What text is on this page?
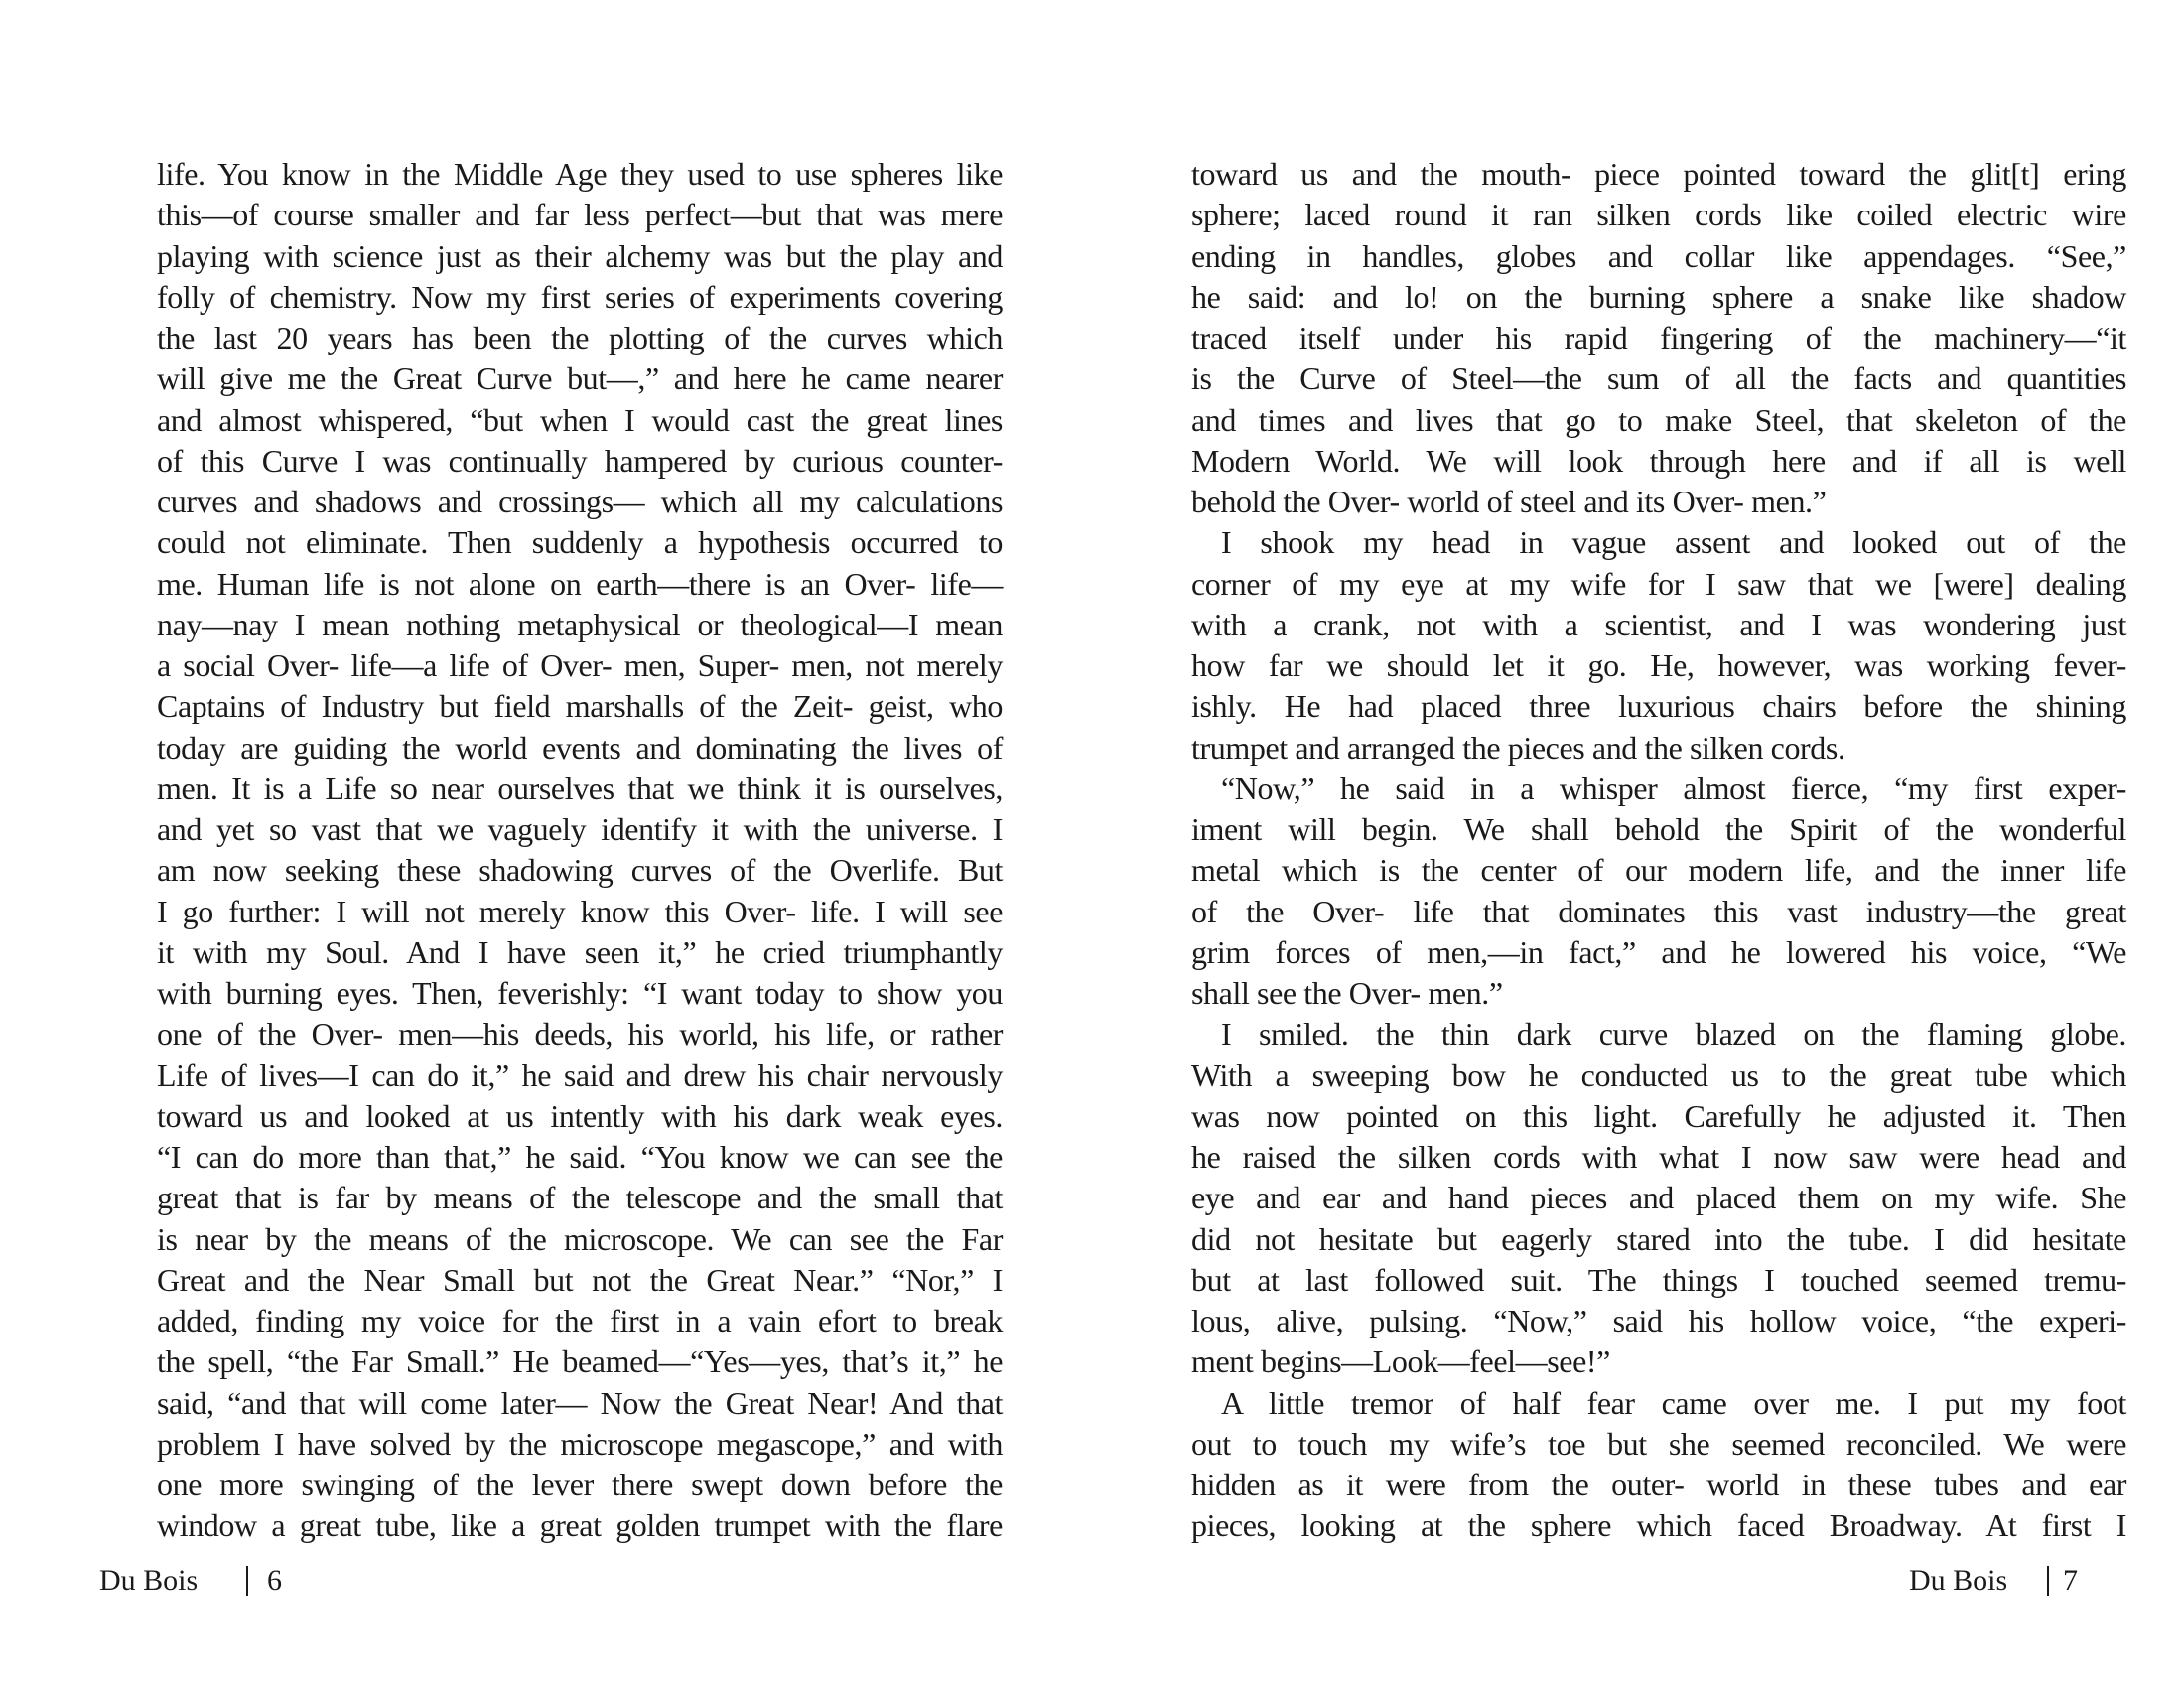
life. You know in the Middle Age they used to use spheres like
this—of course smaller and far less perfect—but that was mere
playing with science just as their alchemy was but the play and
folly of chemistry. Now my first series of experiments covering
the last 20 years has been the plotting of the curves which
will give me the Great Curve but—,” and here he came nearer
and almost whispered, “but when I would cast the great lines
of this Curve I was continually hampered by curious counter-
curves and shadows and crossings— which all my calculations
could not eliminate. Then suddenly a hypothesis occurred to
me. Human life is not alone on earth—there is an Over- life—
nay—nay I mean nothing metaphysical or theological—I mean
a social Over- life—a life of Over- men, Super- men, not merely
Captains of Industry but field marshalls of the Zeit- geist, who
today are guiding the world events and dominating the lives of
men. It is a Life so near ourselves that we think it is ourselves,
and yet so vast that we vaguely identify it with the universe. I
am now seeking these shadowing curves of the Overlife. But
I go further: I will not merely know this Over- life. I will see
it with my Soul. And I have seen it,” he cried triumphantly
with burning eyes. Then, feverishly: “I want today to show you
one of the Over- men—his deeds, his world, his life, or rather
Life of lives—I can do it,” he said and drew his chair nervously
toward us and looked at us intently with his dark weak eyes.
“I can do more than that,” he said. “You know we can see the
great that is far by means of the telescope and the small that
is near by the means of the microscope. We can see the Far
Great and the Near Small but not the Great Near.” “Nor,” I
added, finding my voice for the first in a vain efort to break
the spell, “the Far Small.” He beamed—“Yes—yes, that’s it,” he
said, “and that will come later— Now the Great Near! And that
problem I have solved by the microscope megascope,” and with
one more swinging of the lever there swept down before the
window a great tube, like a great golden trumpet with the flare
Du Bois 6
toward us and the mouth- piece pointed toward the glit[t] ering
sphere; laced round it ran silken cords like coiled electric wire
ending in handles, globes and collar like appendages. “See,”
he said: and lo! on the burning sphere a snake like shadow
traced itself under his rapid fingering of the machinery—“it
is the Curve of Steel—the sum of all the facts and quantities
and times and lives that go to make Steel, that skeleton of the
Modern World. We will look through here and if all is well
behold the Over- world of steel and its Over- men.”
I shook my head in vague assent and looked out of the
corner of my eye at my wife for I saw that we [were] dealing
with a crank, not with a scientist, and I was wondering just
how far we should let it go. He, however, was working fever-
ishly. He had placed three luxurious chairs before the shining
trumpet and arranged the pieces and the silken cords.
“Now,” he said in a whisper almost fierce, “my first exper-
iment will begin. We shall behold the Spirit of the wonderful
metal which is the center of our modern life, and the inner life
of the Over- life that dominates this vast industry—the great
grim forces of men,—in fact,” and he lowered his voice, “We
shall see the Over- men.”
I smiled. the thin dark curve blazed on the flaming globe.
With a sweeping bow he conducted us to the great tube which
was now pointed on this light. Carefully he adjusted it. Then
he raised the silken cords with what I now saw were head and
eye and ear and hand pieces and placed them on my wife. She
did not hesitate but eagerly stared into the tube. I did hesitate
but at last followed suit. The things I touched seemed tremu-
lous, alive, pulsing. “Now,” said his hollow voice, “the experi-
ment begins—Look—feel—see!”
A little tremor of half fear came over me. I put my foot
out to touch my wife’s toe but she seemed reconciled. We were
hidden as it were from the outer- world in these tubes and ear
pieces, looking at the sphere which faced Broadway. At first I
Du Bois 7
